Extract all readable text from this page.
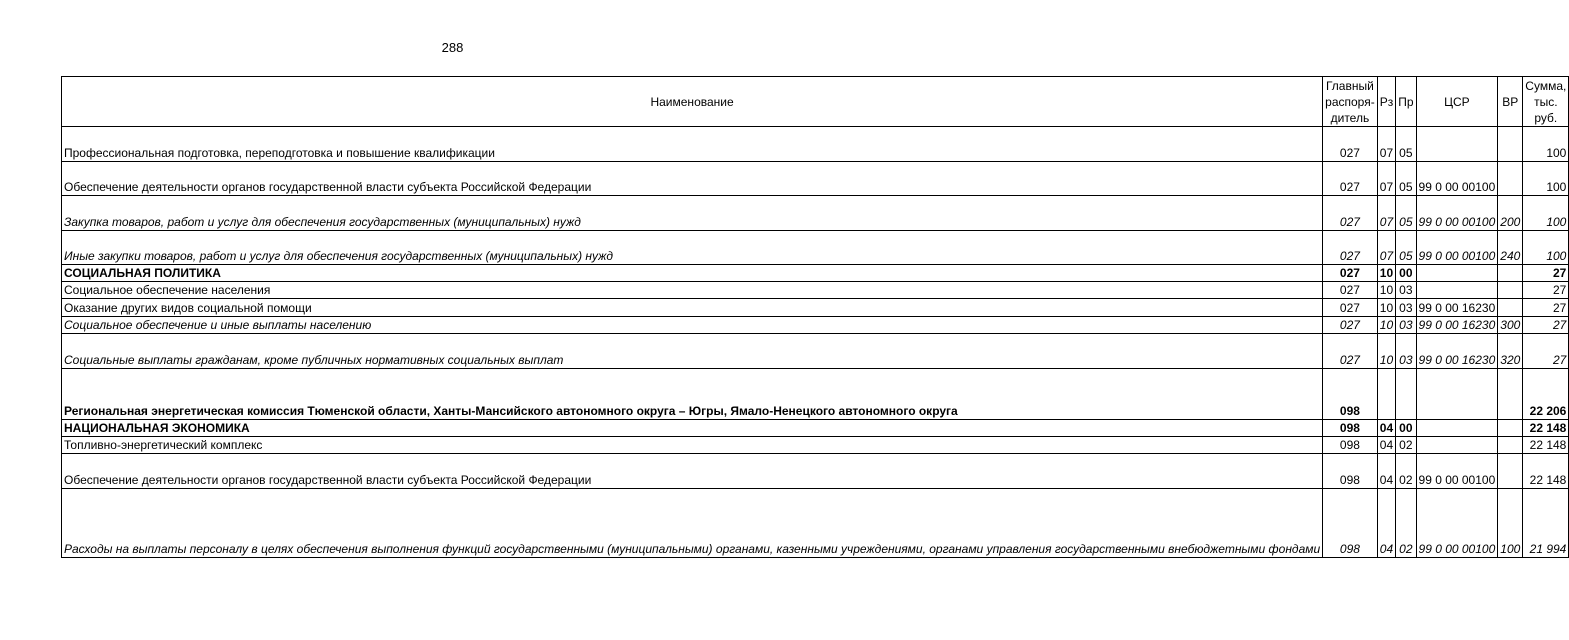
288
Наименование	Главный распоря-дитель	Рз	Пр	ЦСР	ВР	Сумма, тыс. руб.
Профессиональная подготовка, переподготовка и повышение квалификации	027	07	05			100
Обеспечение деятельности органов государственной власти субъекта Российской Федерации	027	07	05	99 0 00 00100		100
Закупка товаров, работ и услуг для обеспечения государственных (муниципальных) нужд	027	07	05	99 0 00 00100	200	100
Иные закупки товаров, работ и услуг для обеспечения государственных (муниципальных) нужд	027	07	05	99 0 00 00100	240	100
СОЦИАЛЬНАЯ ПОЛИТИКА	027	10	00			27
Социальное обеспечение населения	027	10	03			27
Оказание других видов социальной помощи	027	10	03	99 0 00 16230		27
Социальное обеспечение и иные выплаты населению	027	10	03	99 0 00 16230	300	27
Социальные выплаты гражданам, кроме публичных нормативных социальных выплат	027	10	03	99 0 00 16230	320	27
Региональная энергетическая комиссия Тюменской области, Ханты-Мансийского автономного округа – Югры, Ямало-Ненецкого автономного округа	098					22 206
НАЦИОНАЛЬНАЯ ЭКОНОМИКА	098	04	00			22 148
Топливно-энергетический комплекс	098	04	02			22 148
Обеспечение деятельности органов государственной власти субъекта Российской Федерации	098	04	02	99 0 00 00100		22 148
Расходы на выплаты персоналу в целях обеспечения выполнения функций государственными (муниципальными) органами, казенными учреждениями, органами управления государственными внебюджетными фондами	098	04	02	99 0 00 00100	100	21 994
